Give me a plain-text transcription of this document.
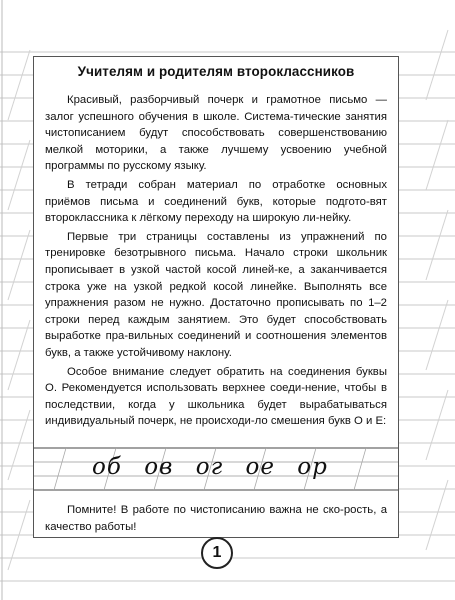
Учителям и родителям второклассников

Красивый, разборчивый почерк и грамотное письмо — залог успешного обучения в школе. Система-тические занятия чистописанием будут способствовать совершенствованию мелкой моторики, а также лучшему усвоению учебной программы по русскому языку.

В тетради собран материал по отработке основных приёмов письма и соединений букв, которые подгото-вят второклассника к лёгкому переходу на широкую ли-нейку.

Первые три страницы составлены из упражнений по тренировке безотрывного письма. Начало строки школьник прописывает в узкой частой косой линей-ке, а заканчивается строка уже на узкой редкой косой линейке. Выполнять все упражнения разом не нужно. Достаточно прописывать по 1–2 строки перед каждым занятием. Это будет способствовать выработке пра-вильных соединений и соотношения элементов букв, а также устойчивому наклону.

Особое внимание следует обратить на соединения буквы О. Рекомендуется использовать верхнее соеди-нение, чтобы в последствии, когда у школьника будет вырабатываться индивидуальный почерк, не происходи-ло смешения букв О и Е:

об ов ог ое ор

Помните! В работе по чистописанию важна не ско-рость, а качество работы!

1
